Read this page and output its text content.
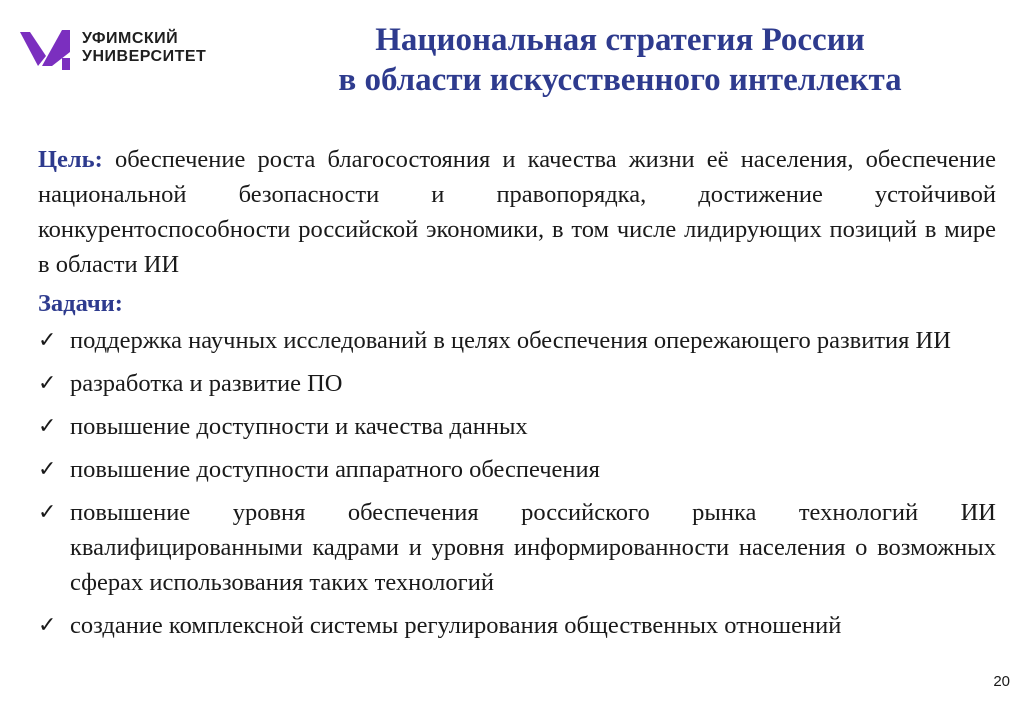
УФИМСКИЙ
УНИВЕРСИТЕТ	Национальная стратегия России
в области искусственного интеллекта

Цель: обеспечение роста благосостояния и качества жизни её населения, обеспечение национальной безопасности и правопорядка, достижение устойчивой конкурентоспособности российской экономики, в том числе лидирующих позиций в мире в области ИИ

Задачи:
✓ поддержка научных исследований в целях обеспечения опережающего развития ИИ
✓ разработка и развитие ПО
✓ повышение доступности и качества данных
✓ повышение доступности аппаратного обеспечения
✓ повышение уровня обеспечения российского рынка технологий ИИ квалифицированными кадрами и уровня информированности населения о возможных сферах использования таких технологий
✓ создание комплексной системы регулирования общественных отношений
20
